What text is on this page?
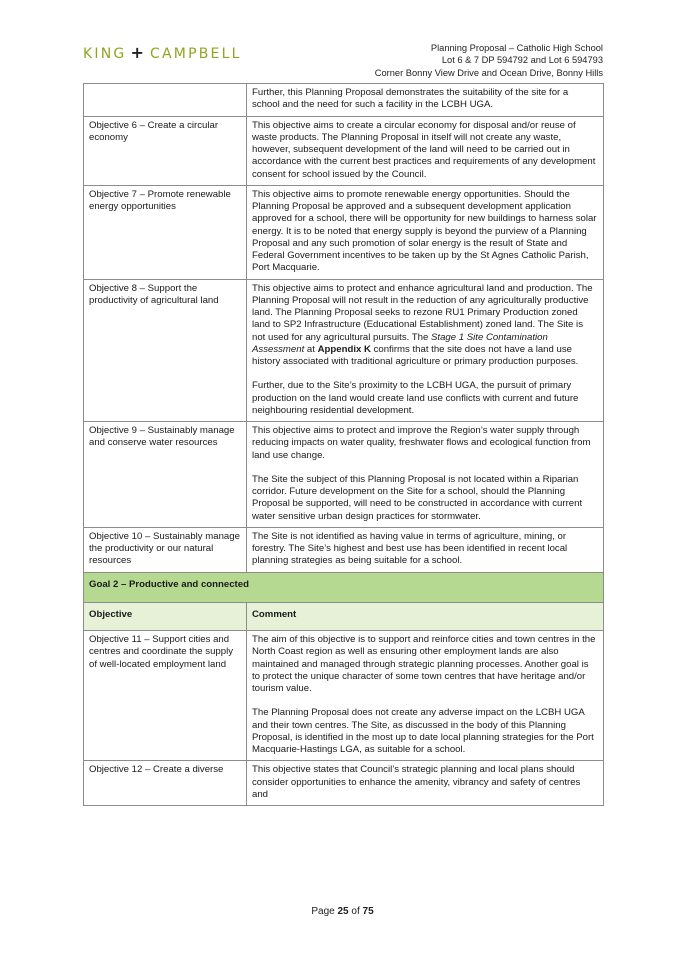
KING + CAMPBELL	Planning Proposal – Catholic High School
Lot 6 & 7 DP 594792 and Lot 6 594793
Corner Bonny View Drive and Ocean Drive, Bonny Hills
	Further, this Planning Proposal demonstrates the suitability of the site for a school and the need for such a facility in the LCBH UGA.
Objective 6 – Create a circular economy	This objective aims to create a circular economy for disposal and/or reuse of waste products. The Planning Proposal in itself will not create any waste, however, subsequent development of the land will need to be carried out in accordance with the current best practices and requirements of any development consent for school issued by the Council.
Objective 7 – Promote renewable energy opportunities	This objective aims to promote renewable energy opportunities. Should the Planning Proposal be approved and a subsequent development application approved for a school, there will be opportunity for new buildings to harness solar energy. It is to be noted that energy supply is beyond the purview of a Planning Proposal and any such promotion of solar energy is the result of State and Federal Government incentives to be taken up by the St Agnes Catholic Parish, Port Macquarie.
Objective 8 – Support the productivity of agricultural land	This objective aims to protect and enhance agricultural land and production. The Planning Proposal will not result in the reduction of any agriculturally productive land. The Planning Proposal seeks to rezone RU1 Primary Production zoned land to SP2 Infrastructure (Educational Establishment) zoned land. The Site is not used for any agricultural pursuits. The Stage 1 Site Contamination Assessment at Appendix K confirms that the site does not have a land use history associated with traditional agriculture or primary production purposes.

Further, due to the Site’s proximity to the LCBH UGA, the pursuit of primary production on the land would create land use conflicts with current and future neighbouring residential development.

Objective 9 – Sustainably manage and conserve water resources	This objective aims to protect and improve the Region’s water supply through reducing impacts on water quality, freshwater flows and ecological function from land use change.

The Site the subject of this Planning Proposal is not located within a Riparian corridor. Future development on the Site for a school, should the Planning Proposal be supported, will need to be constructed in accordance with current water sensitive urban design practices for stormwater.

Objective 10 – Sustainably manage the productivity or our natural resources	The Site is not identified as having value in terms of agriculture, mining, or forestry. The Site’s highest and best use has been identified in recent local planning strategies as being suitable for a school.
Goal 2 – Productive and connected	
Objective	Comment
Objective 11 – Support cities and centres and coordinate the supply of well-located employment land	The aim of this objective is to support and reinforce cities and town centres in the North Coast region as well as ensuring other employment lands are also maintained and managed through strategic planning processes. Another goal is to protect the unique character of some town centres that have heritage and/or tourism value.

The Planning Proposal does not create any adverse impact on the LCBH UGA and their town centres. The Site, as discussed in the body of this Planning Proposal, is identified in the most up to date local planning strategies for the Port Macquarie-Hastings LGA, as suitable for a school.

Objective 12 – Create a diverse	This objective states that Council’s strategic planning and local plans should consider opportunities to enhance the amenity, vibrancy and safety of centres and
Page 25 of 75
